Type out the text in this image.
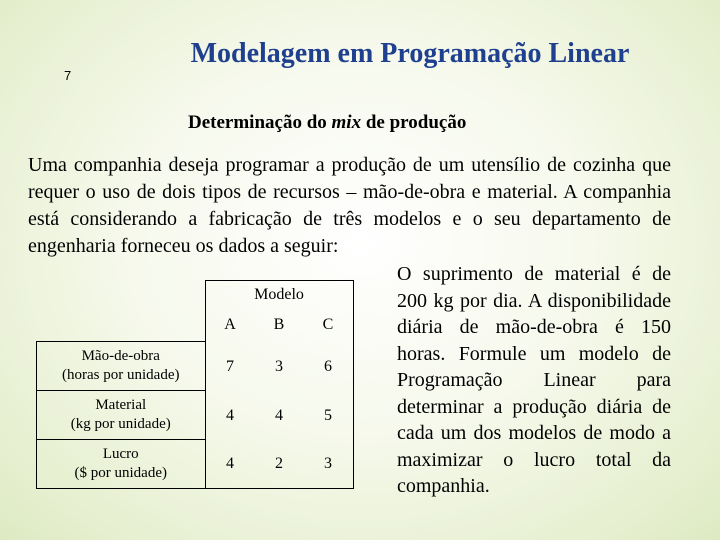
7
Modelagem em Programação Linear
Determinação do mix de produção
Uma companhia deseja programar a produção de um utensílio de cozinha que requer o uso de dois tipos de recursos – mão-de-obra e material. A companhia está considerando a fabricação de três modelos e o seu departamento de engenharia forneceu os dados a seguir:
	Modelo		
	A	B	C
Mão-de-obra
(horas por unidade)	7	3	6
Material
(kg por unidade)	4	4	5
Lucro
($ por unidade)	4	2	3
O suprimento de material é de 200 kg por dia. A disponibilidade diária de mão-de-obra é 150 horas. Formule um modelo de Programação Linear para determinar a produção diária de cada um dos modelos de modo a maximizar o lucro total da companhia.
